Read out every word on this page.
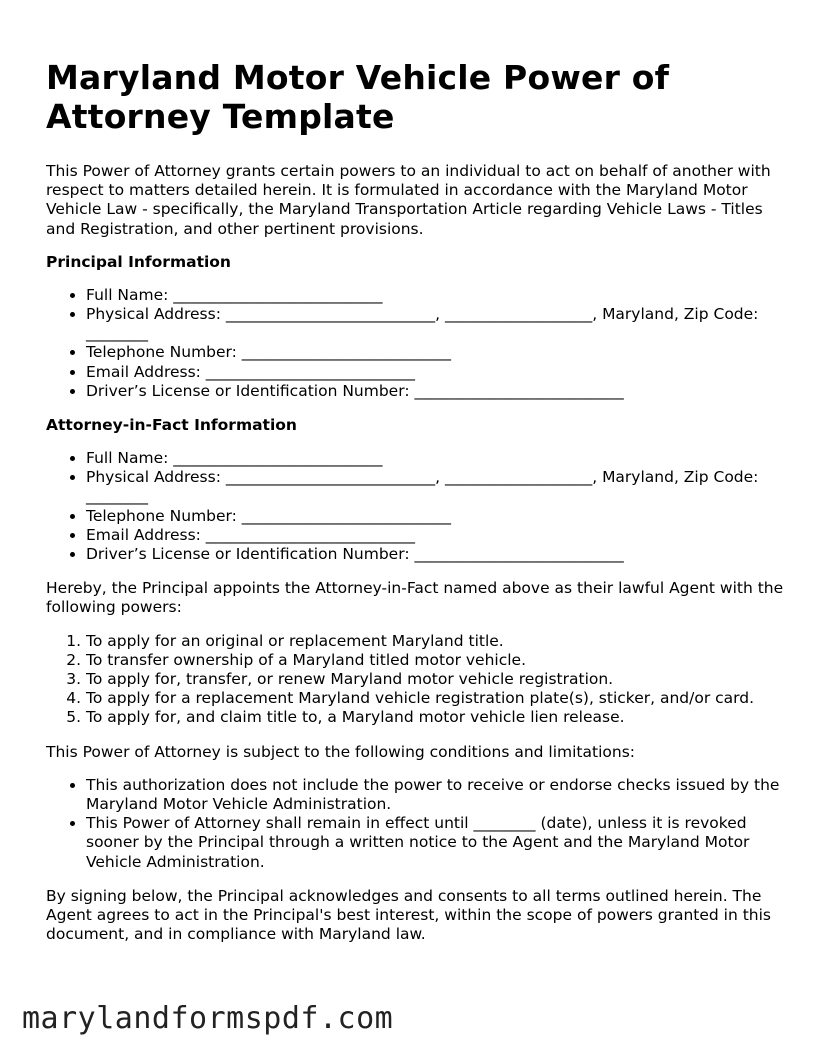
Maryland Motor Vehicle Power of Attorney Template

This Power of Attorney grants certain powers to an individual to act on behalf of another with respect to matters detailed herein. It is formulated in accordance with the Maryland Motor Vehicle Law - specifically, the Maryland Transportation Article regarding Vehicle Laws - Titles and Registration, and other pertinent provisions.

Principal Information
• Full Name: ___________________________
• Physical Address: ___________________________, ___________________, Maryland, Zip Code: ________
• Telephone Number: ___________________________
• Email Address: ___________________________
• Driver’s License or Identification Number: ___________________________
Attorney-in-Fact Information
• Full Name: ___________________________
• Physical Address: ___________________________, ___________________, Maryland, Zip Code: ________
• Telephone Number: ___________________________
• Email Address: ___________________________
• Driver’s License or Identification Number: ___________________________

Hereby, the Principal appoints the Attorney-in-Fact named above as their lawful Agent with the following powers:

1. To apply for an original or replacement Maryland title.
2. To transfer ownership of a Maryland titled motor vehicle.
3. To apply for, transfer, or renew Maryland motor vehicle registration.
4. To apply for a replacement Maryland vehicle registration plate(s), sticker, and/or card.
5. To apply for, and claim title to, a Maryland motor vehicle lien release.

This Power of Attorney is subject to the following conditions and limitations:

• This authorization does not include the power to receive or endorse checks issued by the Maryland Motor Vehicle Administration.
• This Power of Attorney shall remain in effect until ________ (date), unless it is revoked sooner by the Principal through a written notice to the Agent and the Maryland Motor Vehicle Administration.

By signing below, the Principal acknowledges and consents to all terms outlined herein. The Agent agrees to act in the Principal's best interest, within the scope of powers granted in this document, and in compliance with Maryland law.

marylandformspdf.com
